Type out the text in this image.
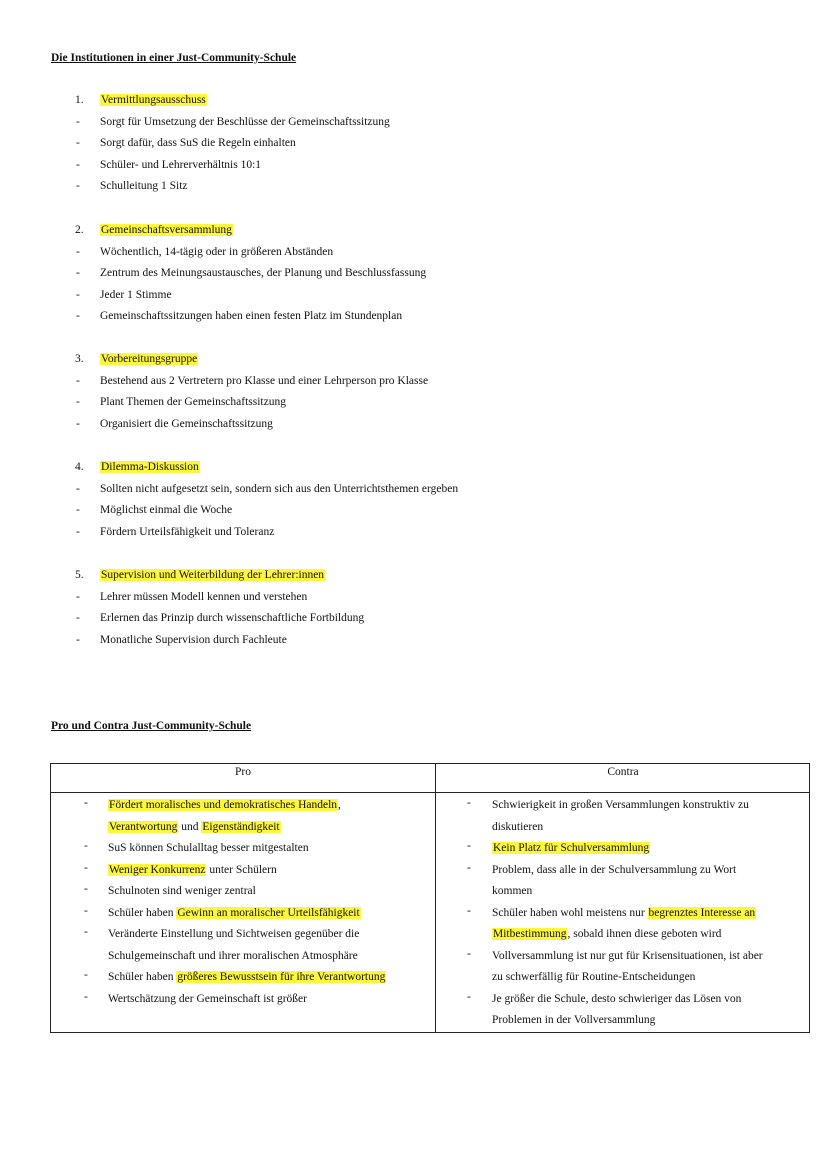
Die Institutionen in einer Just-Community-Schule
1. Vermittlungsausschuss
- Sorgt für Umsetzung der Beschlüsse der Gemeinschaftssitzung
- Sorgt dafür, dass SuS die Regeln einhalten
- Schüler- und Lehrerverhältnis 10:1
- Schulleitung 1 Sitz
2. Gemeinschaftsversammlung
- Wöchentlich, 14-tägig oder in größeren Abständen
- Zentrum des Meinungsaustausches, der Planung und Beschlussfassung
- Jeder 1 Stimme
- Gemeinschaftssitzungen haben einen festen Platz im Stundenplan
3. Vorbereitungsgruppe
- Bestehend aus 2 Vertretern pro Klasse und einer Lehrperson pro Klasse
- Plant Themen der Gemeinschaftssitzung
- Organisiert die Gemeinschaftssitzung
4. Dilemma-Diskussion
- Sollten nicht aufgesetzt sein, sondern sich aus den Unterrichtsthemen ergeben
- Möglichst einmal die Woche
- Fördern Urteilsfähigkeit und Toleranz
5. Supervision und Weiterbildung der Lehrer:innen
- Lehrer müssen Modell kennen und verstehen
- Erlernen das Prinzip durch wissenschaftliche Fortbildung
- Monatliche Supervision durch Fachleute
Pro und Contra Just-Community-Schule
Pro	Contra
- Fördert moralisches und demokratisches Handeln,
Verantwortung und Eigenständigkeit
- SuS können Schulalltag besser mitgestalten
- Weniger Konkurrenz unter Schülern
- Schulnoten sind weniger zentral
- Schüler haben Gewinn an moralischer Urteilsfähigkeit
- Veränderte Einstellung und Sichtweisen gegenüber die
Schulgemeinschaft und ihrer moralischen Atmosphäre
- Schüler haben größeres Bewusstsein für ihre Verantwortung
- Wertschätzung der Gemeinschaft ist größer
- Schwierigkeit in großen Versammlungen konstruktiv zu
diskutieren
- Kein Platz für Schulversammlung
- Problem, dass alle in der Schulversammlung zu Wort
kommen
- Schüler haben wohl meistens nur begrenztes Interesse an
Mitbestimmung, sobald ihnen diese geboten wird
- Vollversammlung ist nur gut für Krisensituationen, ist aber
zu schwerfällig für Routine-Entscheidungen
- Je größer die Schule, desto schwieriger das Lösen von
Problemen in der Vollversammlung
